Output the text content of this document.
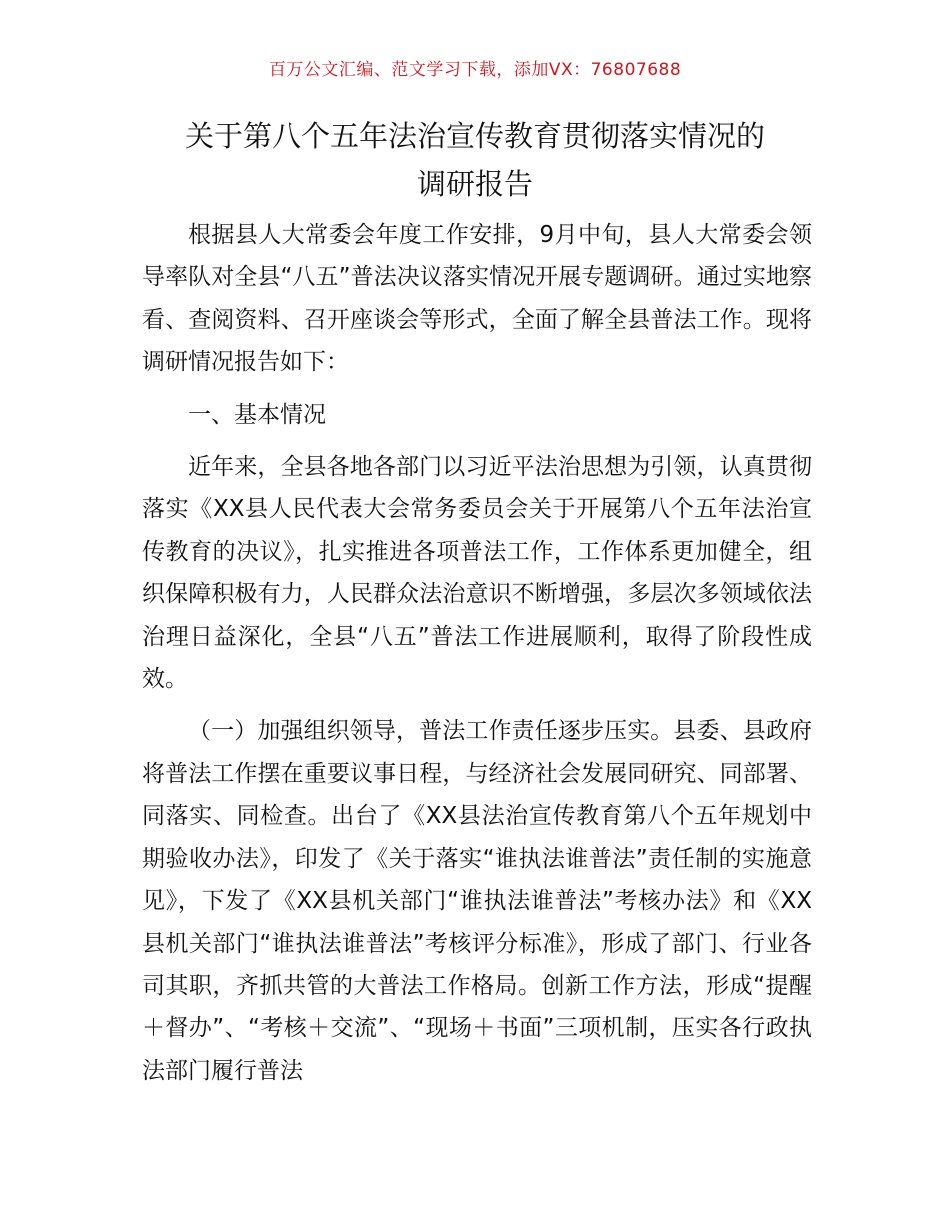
百万公文汇编、范文学习下载，添加VX：76807688
关于第八个五年法治宣传教育贯彻落实情况的
调研报告

根据县人大常委会年度工作安排，9月中旬，县人大常委会领导率队对全县“八五”普法决议落实情况开展专题调研。通过实地察看、查阅资料、召开座谈会等形式，全面了解全县普法工作。现将调研情况报告如下：

一、基本情况

近年来，全县各地各部门以习近平法治思想为引领，认真贯彻落实《XX县人民代表大会常务委员会关于开展第八个五年法治宣传教育的决议》，扎实推进各项普法工作，工作体系更加健全，组织保障积极有力，人民群众法治意识不断增强，多层次多领域依法治理日益深化，全县“八五”普法工作进展顺利，取得了阶段性成效。

（一）加强组织领导，普法工作责任逐步压实。县委、县政府将普法工作摆在重要议事日程，与经济社会发展同研究、同部署、同落实、同检查。出台了《XX县法治宣传教育第八个五年规划中期验收办法》，印发了《关于落实“谁执法谁普法”责任制的实施意见》，下发了《XX县机关部门“谁执法谁普法”考核办法》和《XX县机关部门“谁执法谁普法”考核评分标准》，形成了部门、行业各司其职，齐抓共管的大普法工作格局。创新工作方法，形成“提醒＋督办”、“考核＋交流”、“现场＋书面”三项机制，压实各行政执法部门履行普法
